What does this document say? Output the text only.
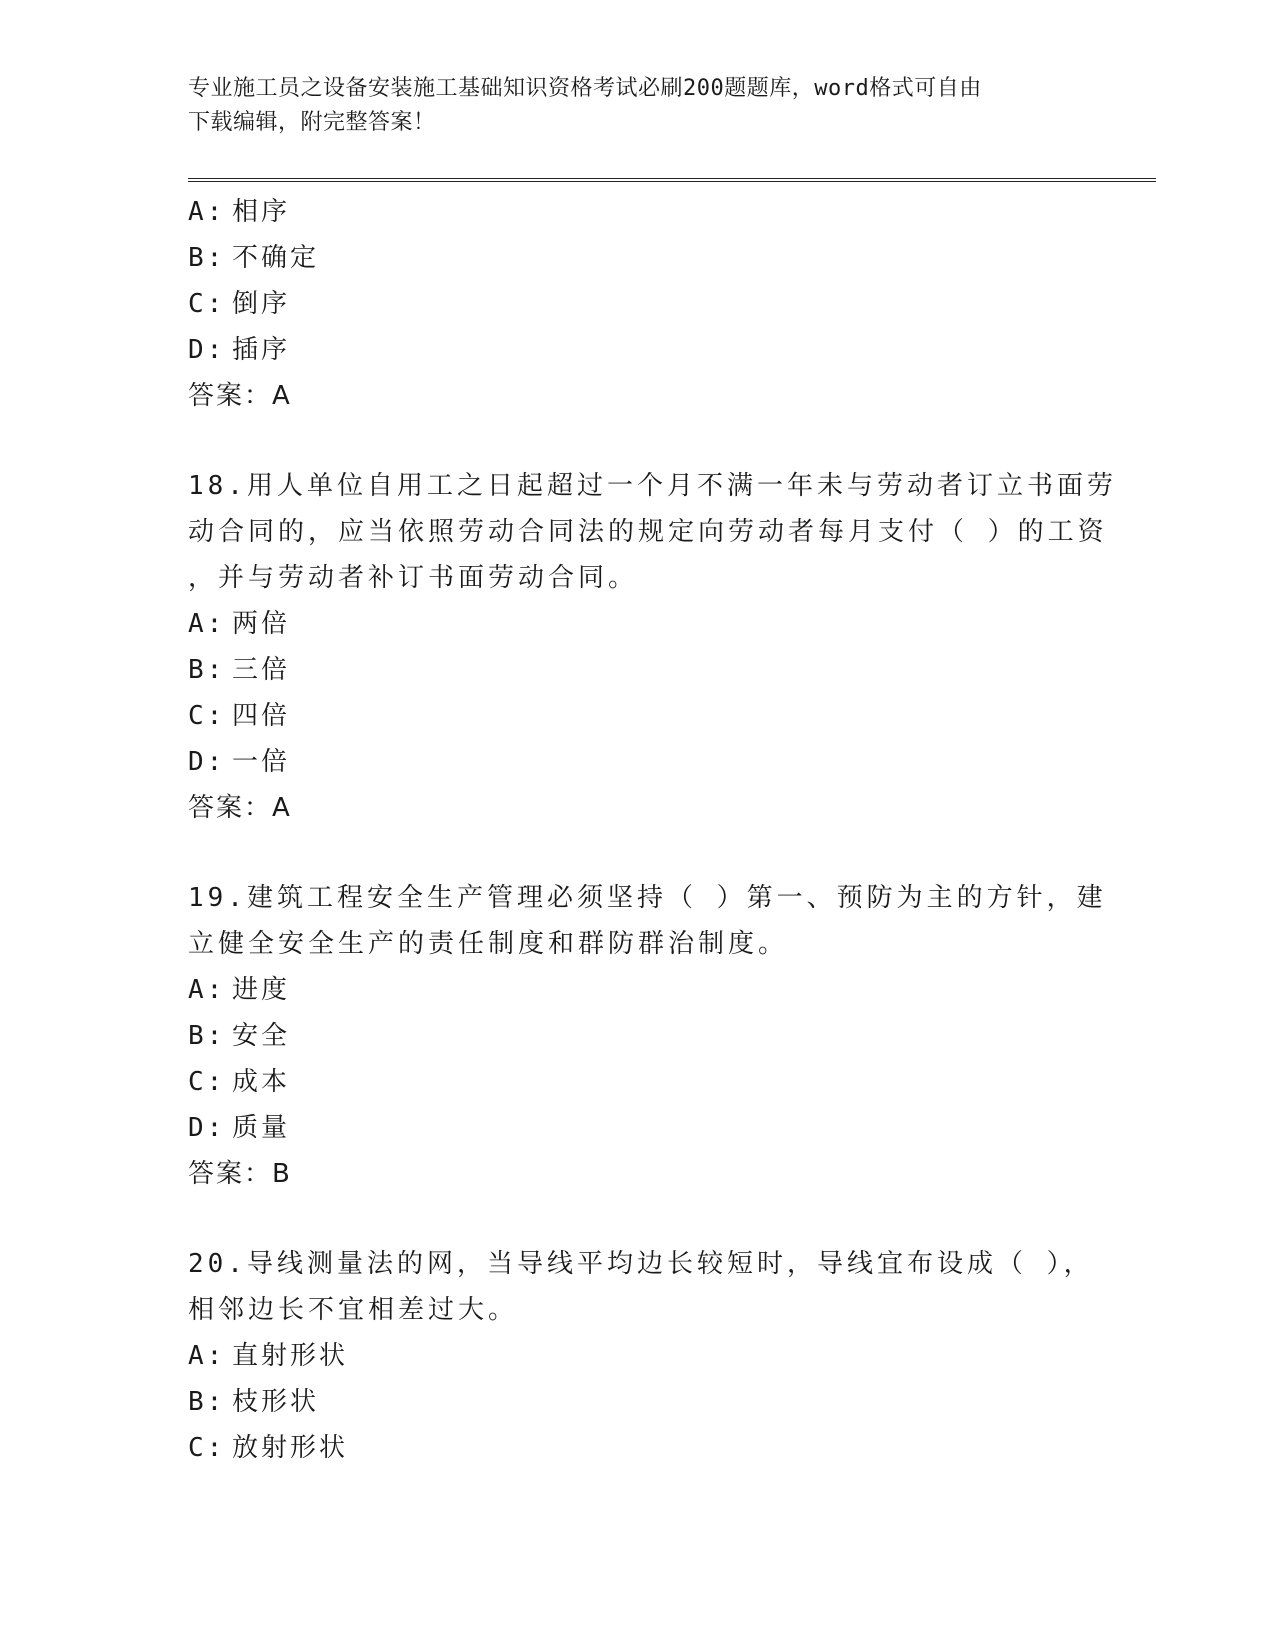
专业施工员之设备安装施工基础知识资格考试必刷200题题库，word格式可自由
下载编辑，附完整答案！
A: 相序
B: 不确定
C: 倒序
D: 插序
答案：A
18.用人单位自用工之日起超过一个月不满一年未与劳动者订立书面劳
动合同的，应当依照劳动合同法的规定向劳动者每月支付（ ）的工资
，并与劳动者补订书面劳动合同。
A: 两倍
B: 三倍
C: 四倍
D: 一倍
答案：A
19.建筑工程安全生产管理必须坚持（ ）第一、预防为主的方针，建
立健全安全生产的责任制度和群防群治制度。
A: 进度
B: 安全
C: 成本
D: 质量
答案：B
20.导线测量法的网，当导线平均边长较短时，导线宜布设成（ ），
相邻边长不宜相差过大。
A: 直射形状
B: 枝形状
C: 放射形状
